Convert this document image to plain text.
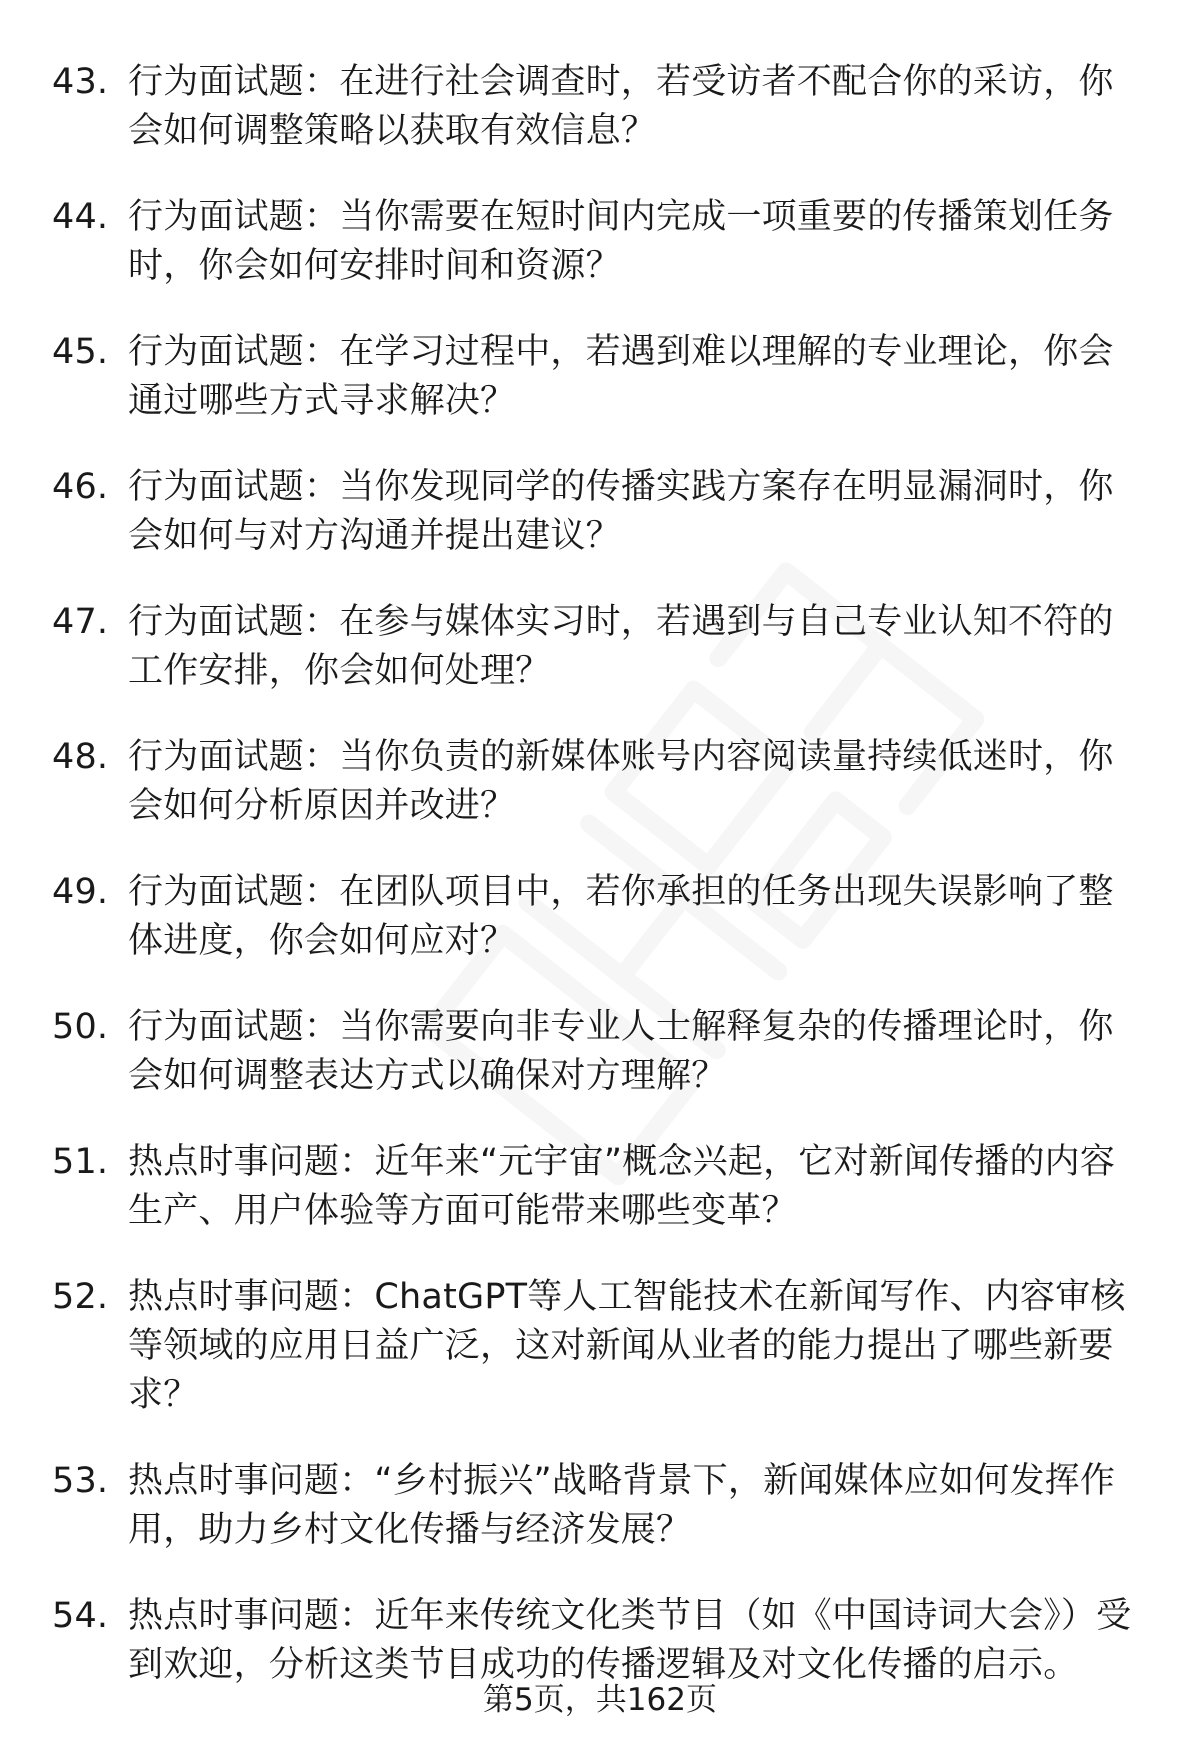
43. 行为面试题：在进行社会调查时，若受访者不配合你的采访，你会如何调整策略以获取有效信息？
44. 行为面试题：当你需要在短时间内完成一项重要的传播策划任务时，你会如何安排时间和资源？
45. 行为面试题：在学习过程中，若遇到难以理解的专业理论，你会通过哪些方式寻求解决？
46. 行为面试题：当你发现同学的传播实践方案存在明显漏洞时，你会如何与对方沟通并提出建议？
47. 行为面试题：在参与媒体实习时，若遇到与自己专业认知不符的工作安排，你会如何处理？
48. 行为面试题：当你负责的新媒体账号内容阅读量持续低迷时，你会如何分析原因并改进？
49. 行为面试题：在团队项目中，若你承担的任务出现失误影响了整体进度，你会如何应对？
50. 行为面试题：当你需要向非专业人士解释复杂的传播理论时，你会如何调整表达方式以确保对方理解？
51. 热点时事问题：近年来“元宇宙”概念兴起，它对新闻传播的内容生产、用户体验等方面可能带来哪些变革？
52. 热点时事问题：ChatGPT等人工智能技术在新闻写作、内容审核等领域的应用日益广泛，这对新闻从业者的能力提出了哪些新要求？
53. 热点时事问题：“乡村振兴”战略背景下，新闻媒体应如何发挥作用，助力乡村文化传播与经济发展？
54. 热点时事问题：近年来传统文化类节目（如《中国诗词大会》）受到欢迎，分析这类节目成功的传播逻辑及对文化传播的启示。
第5页，共162页
